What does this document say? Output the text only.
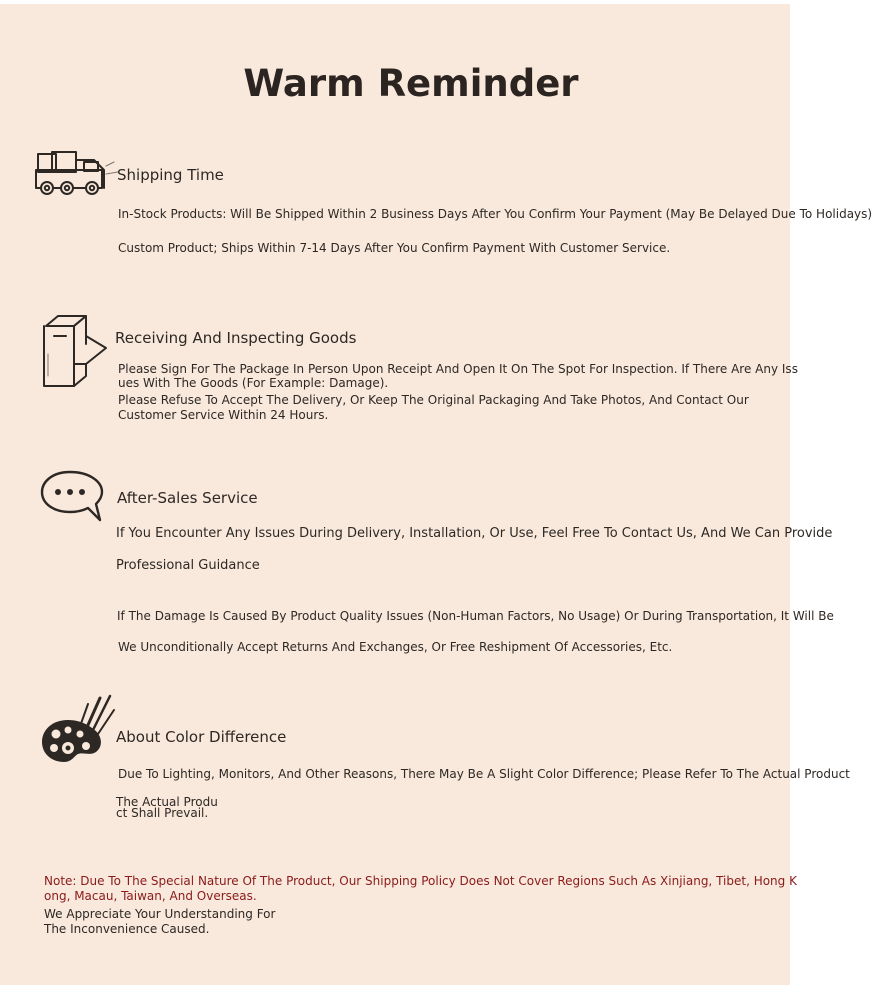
Warm Reminder
Shipping Time
In-Stock Products: Will Be Shipped Within 2 Business Days After You Confirm Your Payment (May Be Delayed Due To Holidays)
Custom Product; Ships Within 7-14 Days After You Confirm Payment With Customer Service.
Receiving And Inspecting Goods
Please Sign For The Package In Person Upon Receipt And Open It On The Spot For Inspection. If There Are Any Iss
ues With The Goods (For Example: Damage).
Please Refuse To Accept The Delivery, Or Keep The Original Packaging And Take Photos, And Contact Our
Customer Service Within 24 Hours.
After-Sales Service
If You Encounter Any Issues During Delivery, Installation, Or Use, Feel Free To Contact Us, And We Can Provide
Professional Guidance
If The Damage Is Caused By Product Quality Issues (Non-Human Factors, No Usage) Or During Transportation, It Will Be
We Unconditionally Accept Returns And Exchanges, Or Free Reshipment Of Accessories, Etc.
About Color Difference
Due To Lighting, Monitors, And Other Reasons, There May Be A Slight Color Difference; Please Refer To The Actual Product
The Actual Produ
ct Shall Prevail.
Note: Due To The Special Nature Of The Product, Our Shipping Policy Does Not Cover Regions Such As Xinjiang, Tibet, Hong K
ong, Macau, Taiwan, And Overseas.
We Appreciate Your Understanding For
The Inconvenience Caused.
